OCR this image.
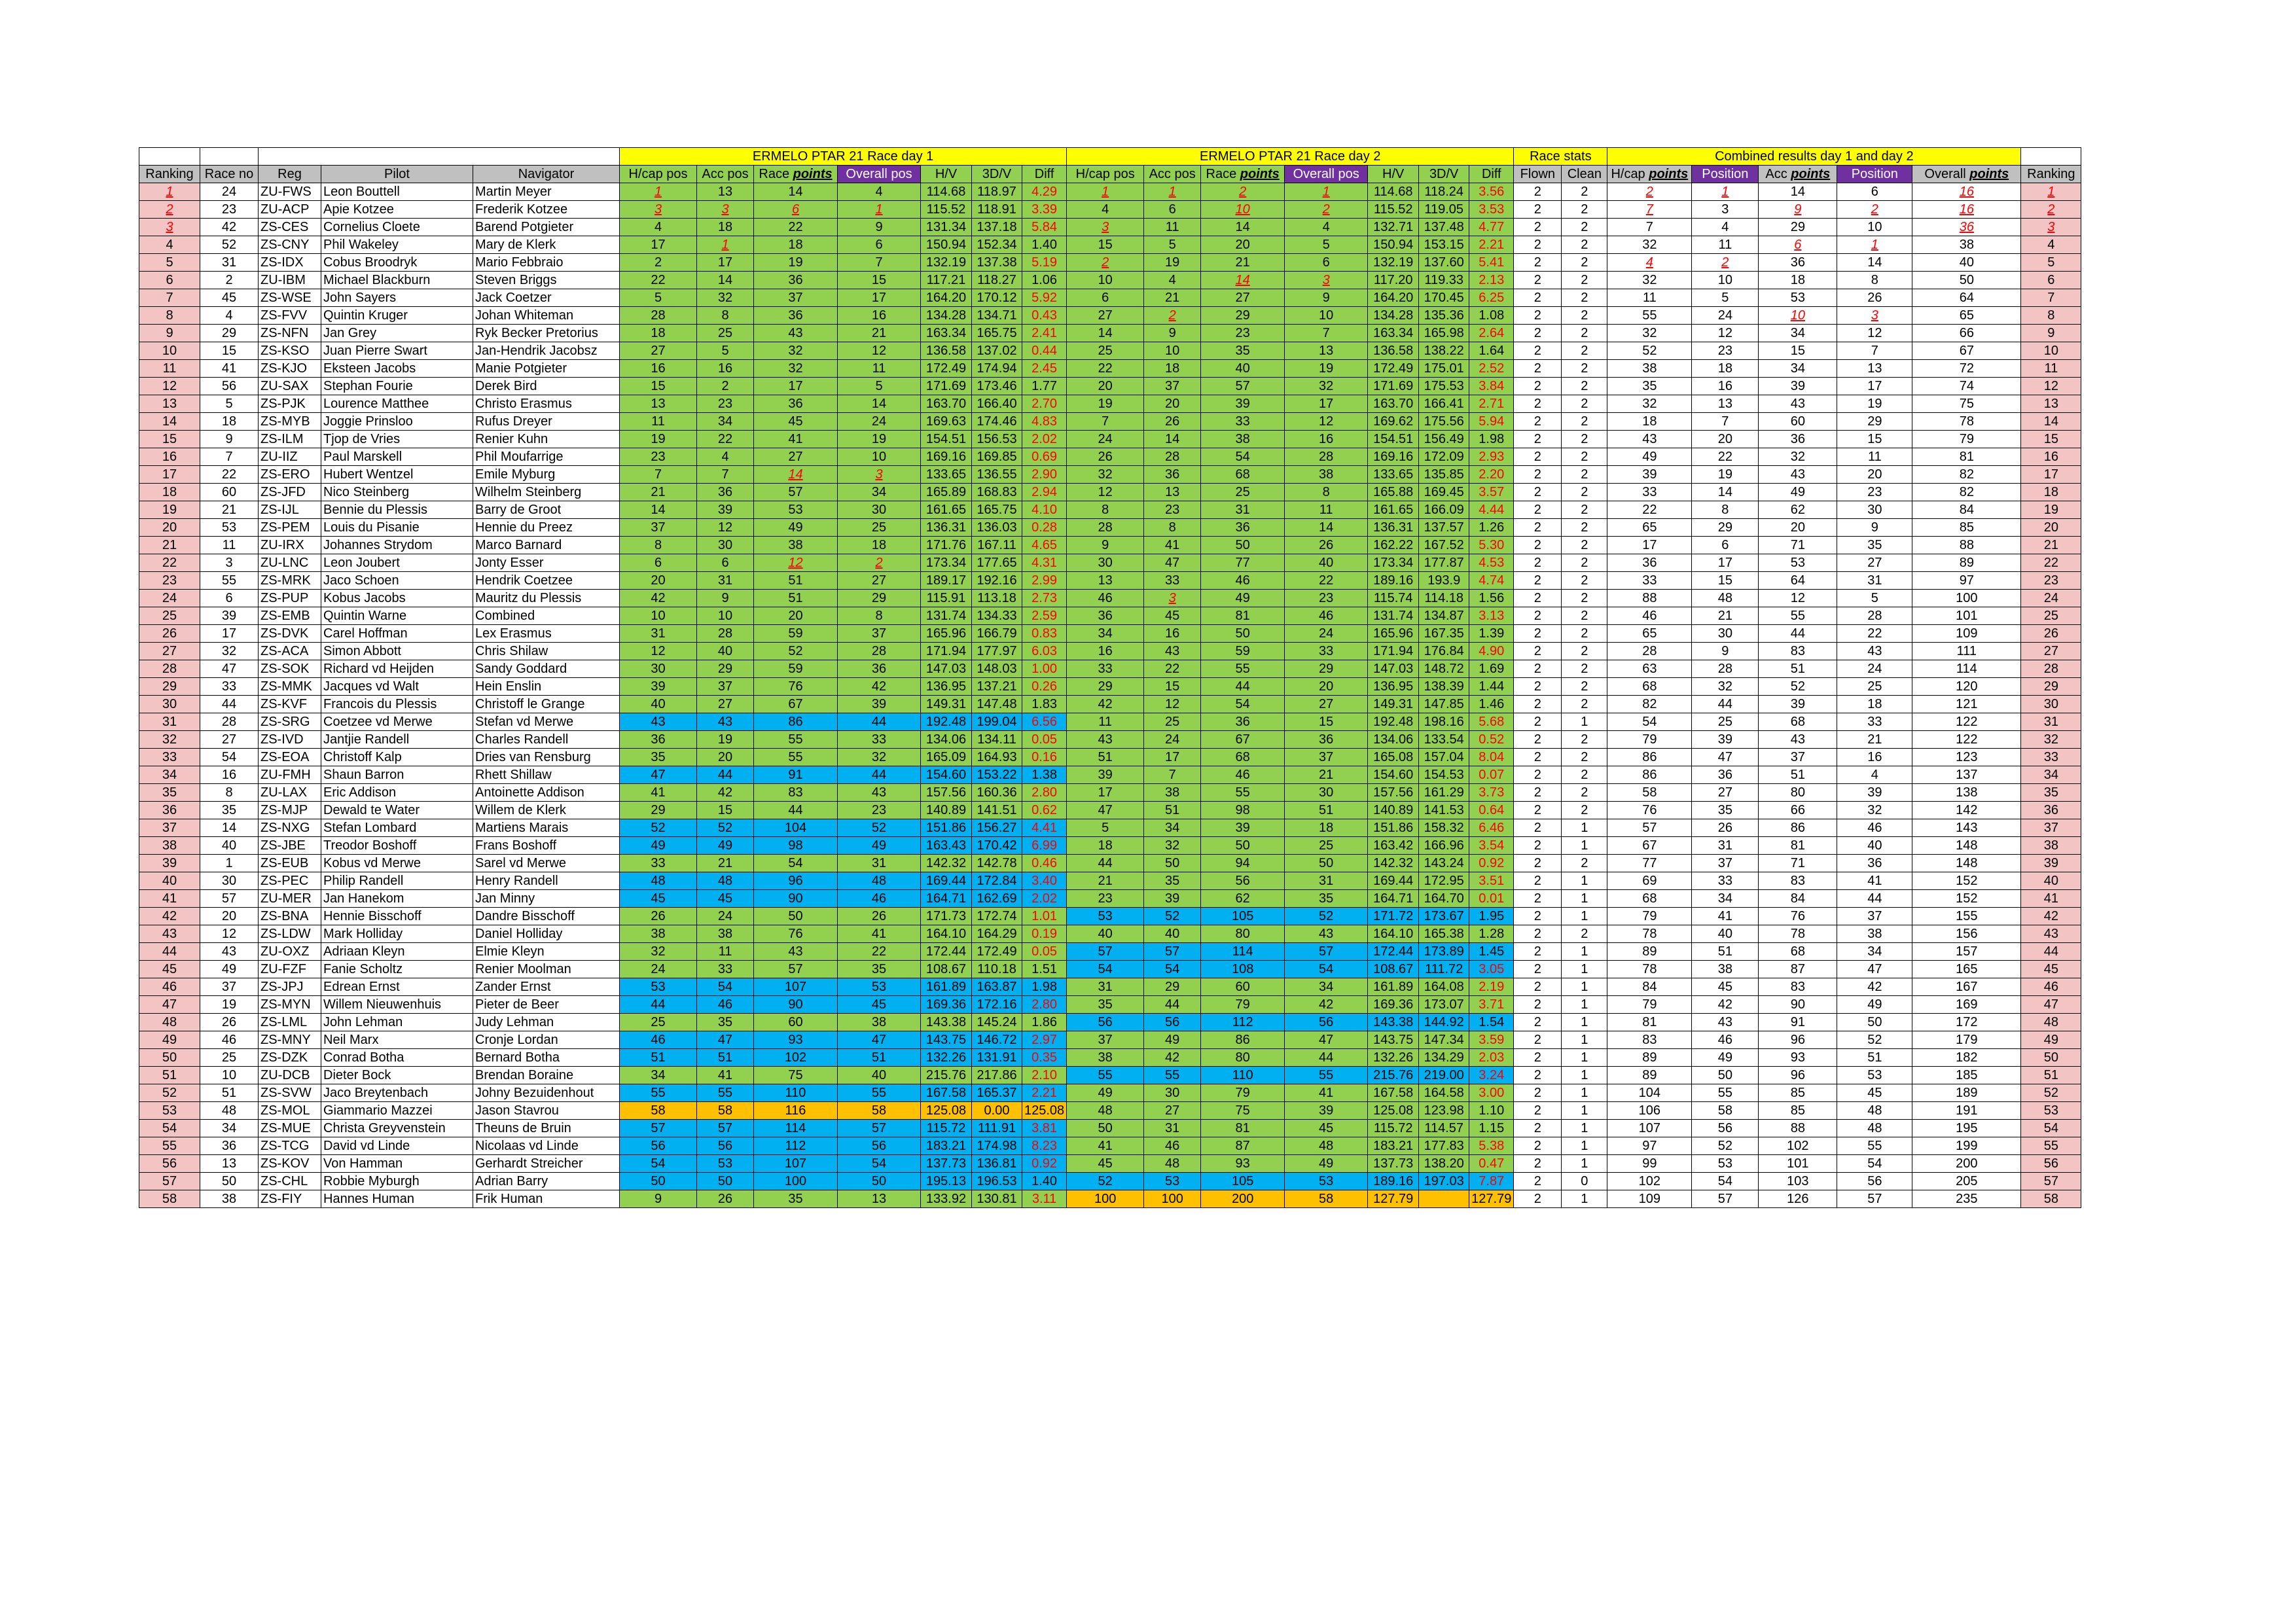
					ERMELO PTAR 21 Race day 1							ERMELO PTAR 21 Race day 2							Race stats		Combined results day 1 and day 2					
Ranking	Race no	Reg	Pilot	Navigator	H/cap pos	Acc pos	Race points	Overall pos	H/V	3D/V	Diff	H/cap pos	Acc pos	Race points	Overall pos	H/V	3D/V	Diff	Flown	Clean	H/cap points	Position	Acc points	Position	Overall points	Ranking
1	24	ZU-FWS	Leon Bouttell	Martin Meyer	1	13	14	4	114.68	118.97	4.29	1	1	2	1	114.68	118.24	3.56	2	2	2	1	14	6	16	1
2	23	ZU-ACP	Apie Kotzee	Frederik Kotzee	3	3	6	1	115.52	118.91	3.39	4	6	10	2	115.52	119.05	3.53	2	2	7	3	9	2	16	2
3	42	ZS-CES	Cornelius Cloete	Barend Potgieter	4	18	22	9	131.34	137.18	5.84	3	11	14	4	132.71	137.48	4.77	2	2	7	4	29	10	36	3
4	52	ZS-CNY	Phil Wakeley	Mary de Klerk	17	1	18	6	150.94	152.34	1.40	15	5	20	5	150.94	153.15	2.21	2	2	32	11	6	1	38	4
5	31	ZS-IDX	Cobus Broodryk	Mario Febbraio	2	17	19	7	132.19	137.38	5.19	2	19	21	6	132.19	137.60	5.41	2	2	4	2	36	14	40	5
6	2	ZU-IBM	Michael Blackburn	Steven Briggs	22	14	36	15	117.21	118.27	1.06	10	4	14	3	117.20	119.33	2.13	2	2	32	10	18	8	50	6
7	45	ZS-WSE	John Sayers	Jack Coetzer	5	32	37	17	164.20	170.12	5.92	6	21	27	9	164.20	170.45	6.25	2	2	11	5	53	26	64	7
8	4	ZS-FVV	Quintin Kruger	Johan Whiteman	28	8	36	16	134.28	134.71	0.43	27	2	29	10	134.28	135.36	1.08	2	2	55	24	10	3	65	8
9	29	ZS-NFN	Jan Grey	Ryk Becker Pretorius	18	25	43	21	163.34	165.75	2.41	14	9	23	7	163.34	165.98	2.64	2	2	32	12	34	12	66	9
10	15	ZS-KSO	Juan Pierre Swart	Jan-Hendrik Jacobsz	27	5	32	12	136.58	137.02	0.44	25	10	35	13	136.58	138.22	1.64	2	2	52	23	15	7	67	10
11	41	ZS-KJO	Eksteen Jacobs	Manie Potgieter	16	16	32	11	172.49	174.94	2.45	22	18	40	19	172.49	175.01	2.52	2	2	38	18	34	13	72	11
12	56	ZU-SAX	Stephan Fourie	Derek Bird	15	2	17	5	171.69	173.46	1.77	20	37	57	32	171.69	175.53	3.84	2	2	35	16	39	17	74	12
13	5	ZS-PJK	Lourence Matthee	Christo Erasmus	13	23	36	14	163.70	166.40	2.70	19	20	39	17	163.70	166.41	2.71	2	2	32	13	43	19	75	13
14	18	ZS-MYB	Joggie Prinsloo	Rufus Dreyer	11	34	45	24	169.63	174.46	4.83	7	26	33	12	169.62	175.56	5.94	2	2	18	7	60	29	78	14
15	9	ZS-ILM	Tjop de Vries	Renier Kuhn	19	22	41	19	154.51	156.53	2.02	24	14	38	16	154.51	156.49	1.98	2	2	43	20	36	15	79	15
16	7	ZU-IIZ	Paul Marskell	Phil Moufarrige	23	4	27	10	169.16	169.85	0.69	26	28	54	28	169.16	172.09	2.93	2	2	49	22	32	11	81	16
17	22	ZS-ERO	Hubert Wentzel	Emile Myburg	7	7	14	3	133.65	136.55	2.90	32	36	68	38	133.65	135.85	2.20	2	2	39	19	43	20	82	17
18	60	ZS-JFD	Nico Steinberg	Wilhelm Steinberg	21	36	57	34	165.89	168.83	2.94	12	13	25	8	165.88	169.45	3.57	2	2	33	14	49	23	82	18
19	21	ZS-IJL	Bennie du Plessis	Barry de Groot	14	39	53	30	161.65	165.75	4.10	8	23	31	11	161.65	166.09	4.44	2	2	22	8	62	30	84	19
20	53	ZS-PEM	Louis du Pisanie	Hennie du Preez	37	12	49	25	136.31	136.03	0.28	28	8	36	14	136.31	137.57	1.26	2	2	65	29	20	9	85	20
21	11	ZU-IRX	Johannes Strydom	Marco Barnard	8	30	38	18	171.76	167.11	4.65	9	41	50	26	162.22	167.52	5.30	2	2	17	6	71	35	88	21
22	3	ZU-LNC	Leon Joubert	Jonty Esser	6	6	12	2	173.34	177.65	4.31	30	47	77	40	173.34	177.87	4.53	2	2	36	17	53	27	89	22
23	55	ZS-MRK	Jaco Schoen	Hendrik Coetzee	20	31	51	27	189.17	192.16	2.99	13	33	46	22	189.16	193.9	4.74	2	2	33	15	64	31	97	23
24	6	ZS-PUP	Kobus Jacobs	Mauritz du Plessis	42	9	51	29	115.91	113.18	2.73	46	3	49	23	115.74	114.18	1.56	2	2	88	48	12	5	100	24
25	39	ZS-EMB	Quintin Warne	Combined	10	10	20	8	131.74	134.33	2.59	36	45	81	46	131.74	134.87	3.13	2	2	46	21	55	28	101	25
26	17	ZS-DVK	Carel Hoffman	Lex Erasmus	31	28	59	37	165.96	166.79	0.83	34	16	50	24	165.96	167.35	1.39	2	2	65	30	44	22	109	26
27	32	ZS-ACA	Simon Abbott	Chris Shilaw	12	40	52	28	171.94	177.97	6.03	16	43	59	33	171.94	176.84	4.90	2	2	28	9	83	43	111	27
28	47	ZS-SOK	Richard vd Heijden	Sandy Goddard	30	29	59	36	147.03	148.03	1.00	33	22	55	29	147.03	148.72	1.69	2	2	63	28	51	24	114	28
29	33	ZS-MMK	Jacques vd Walt	Hein Enslin	39	37	76	42	136.95	137.21	0.26	29	15	44	20	136.95	138.39	1.44	2	2	68	32	52	25	120	29
30	44	ZS-KVF	Francois du Plessis	Christoff le Grange	40	27	67	39	149.31	147.48	1.83	42	12	54	27	149.31	147.85	1.46	2	2	82	44	39	18	121	30
31	28	ZS-SRG	Coetzee vd Merwe	Stefan vd Merwe	43	43	86	44	192.48	199.04	6.56	11	25	36	15	192.48	198.16	5.68	2	1	54	25	68	33	122	31
32	27	ZS-IVD	Jantjie Randell	Charles Randell	36	19	55	33	134.06	134.11	0.05	43	24	67	36	134.06	133.54	0.52	2	2	79	39	43	21	122	32
33	54	ZS-EOA	Christoff Kalp	Dries van Rensburg	35	20	55	32	165.09	164.93	0.16	51	17	68	37	165.08	157.04	8.04	2	2	86	47	37	16	123	33
34	16	ZU-FMH	Shaun Barron	Rhett Shillaw	47	44	91	44	154.60	153.22	1.38	39	7	46	21	154.60	154.53	0.07	2	2	86	36	51	4	137	34
35	8	ZU-LAX	Eric Addison	Antoinette Addison	41	42	83	43	157.56	160.36	2.80	17	38	55	30	157.56	161.29	3.73	2	2	58	27	80	39	138	35
36	35	ZS-MJP	Dewald te Water	Willem de Klerk	29	15	44	23	140.89	141.51	0.62	47	51	98	51	140.89	141.53	0.64	2	2	76	35	66	32	142	36
37	14	ZS-NXG	Stefan Lombard	Martiens Marais	52	52	104	52	151.86	156.27	4.41	5	34	39	18	151.86	158.32	6.46	2	1	57	26	86	46	143	37
38	40	ZS-JBE	Treodor Boshoff	Frans Boshoff	49	49	98	49	163.43	170.42	6.99	18	32	50	25	163.42	166.96	3.54	2	1	67	31	81	40	148	38
39	1	ZS-EUB	Kobus vd Merwe	Sarel vd Merwe	33	21	54	31	142.32	142.78	0.46	44	50	94	50	142.32	143.24	0.92	2	2	77	37	71	36	148	39
40	30	ZS-PEC	Philip Randell	Henry Randell	48	48	96	48	169.44	172.84	3.40	21	35	56	31	169.44	172.95	3.51	2	1	69	33	83	41	152	40
41	57	ZU-MER	Jan Hanekom	Jan Minny	45	45	90	46	164.71	162.69	2.02	23	39	62	35	164.71	164.70	0.01	2	1	68	34	84	44	152	41
42	20	ZS-BNA	Hennie Bisschoff	Dandre Bisschoff	26	24	50	26	171.73	172.74	1.01	53	52	105	52	171.72	173.67	1.95	2	1	79	41	76	37	155	42
43	12	ZS-LDW	Mark Holliday	Daniel Holliday	38	38	76	41	164.10	164.29	0.19	40	40	80	43	164.10	165.38	1.28	2	2	78	40	78	38	156	43
44	43	ZU-OXZ	Adriaan Kleyn	Elmie Kleyn	32	11	43	22	172.44	172.49	0.05	57	57	114	57	172.44	173.89	1.45	2	1	89	51	68	34	157	44
45	49	ZU-FZF	Fanie Scholtz	Renier Moolman	24	33	57	35	108.67	110.18	1.51	54	54	108	54	108.67	111.72	3.05	2	1	78	38	87	47	165	45
46	37	ZS-JPJ	Edrean Ernst	Zander Ernst	53	54	107	53	161.89	163.87	1.98	31	29	60	34	161.89	164.08	2.19	2	1	84	45	83	42	167	46
47	19	ZS-MYN	Willem Nieuwenhuis	Pieter de Beer	44	46	90	45	169.36	172.16	2.80	35	44	79	42	169.36	173.07	3.71	2	1	79	42	90	49	169	47
48	26	ZS-LML	John Lehman	Judy Lehman	25	35	60	38	143.38	145.24	1.86	56	56	112	56	143.38	144.92	1.54	2	1	81	43	91	50	172	48
49	46	ZS-MNY	Neil Marx	Cronje Lordan	46	47	93	47	143.75	146.72	2.97	37	49	86	47	143.75	147.34	3.59	2	1	83	46	96	52	179	49
50	25	ZS-DZK	Conrad Botha	Bernard Botha	51	51	102	51	132.26	131.91	0.35	38	42	80	44	132.26	134.29	2.03	2	1	89	49	93	51	182	50
51	10	ZU-DCB	Dieter Bock	Brendan Boraine	34	41	75	40	215.76	217.86	2.10	55	55	110	55	215.76	219.00	3.24	2	1	89	50	96	53	185	51
52	51	ZS-SVW	Jaco Breytenbach	Johny Bezuidenhout	55	55	110	55	167.58	165.37	2.21	49	30	79	41	167.58	164.58	3.00	2	1	104	55	85	45	189	52
53	48	ZS-MOL	Giammario Mazzei	Jason Stavrou	58	58	116	58	125.08	0.00	125.08	48	27	75	39	125.08	123.98	1.10	2	1	106	58	85	48	191	53
54	34	ZS-MUE	Christa Greyvenstein	Theuns de Bruin	57	57	114	57	115.72	111.91	3.81	50	31	81	45	115.72	114.57	1.15	2	1	107	56	88	48	195	54
55	36	ZS-TCG	David vd Linde	Nicolaas vd Linde	56	56	112	56	183.21	174.98	8.23	41	46	87	48	183.21	177.83	5.38	2	1	97	52	102	55	199	55
56	13	ZS-KOV	Von Hamman	Gerhardt Streicher	54	53	107	54	137.73	136.81	0.92	45	48	93	49	137.73	138.20	0.47	2	1	99	53	101	54	200	56
57	50	ZS-CHL	Robbie Myburgh	Adrian Barry	50	50	100	50	195.13	196.53	1.40	52	53	105	53	189.16	197.03	7.87	2	0	102	54	103	56	205	57
58	38	ZS-FIY	Hannes Human	Frik Human	9	26	35	13	133.92	130.81	3.11	100	100	200	58	127.79		127.79	2	1	109	57	126	57	235	58
